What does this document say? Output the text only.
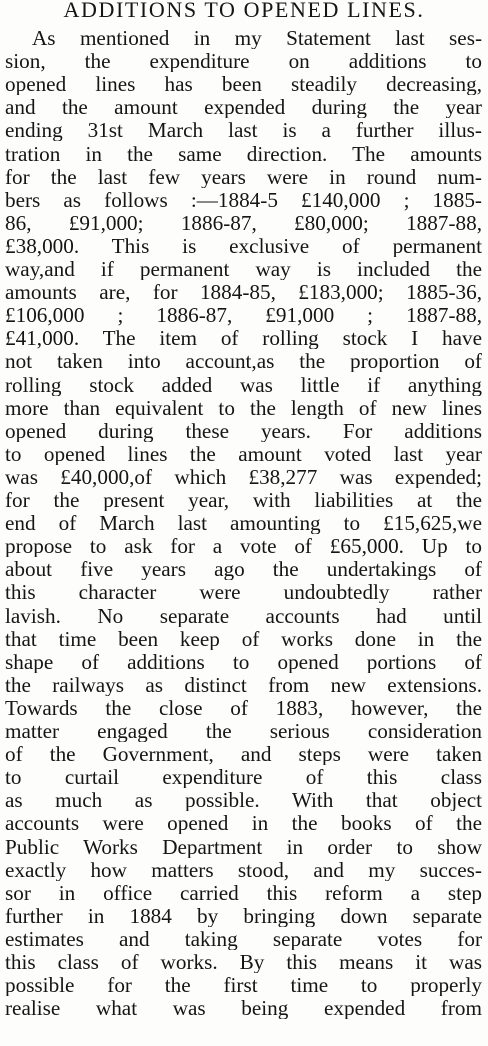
ADDITIONS TO OPENED LINES.
As mentioned in my Statement last ses-
sion, the expenditure on additions to
opened lines has been steadily decreasing,
and the amount expended during the year
ending 31st March last is a further illus-
tration in the same direction. The amounts
for the last few years were in round num-
bers as follows :—1884-5 £140,000 ; 1885-
86, £91,000; 1886-87, £80,000; 1887-88,
£38,000. This is exclusive of permanent
way,and if permanent way is included the
amounts are, for 1884-85, £183,000; 1885-36,
£106,000 ; 1886-87, £91,000 ; 1887-88,
£41,000. The item of rolling stock I have
not taken into account,as the proportion of
rolling stock added was little if anything
more than equivalent to the length of new lines
opened during these years. For additions
to opened lines the amount voted last year
was £40,000,of which £38,277 was expended;
for the present year, with liabilities at the
end of March last amounting to £15,625,we
propose to ask for a vote of £65,000. Up to
about five years ago the undertakings of
this character were undoubtedly rather
lavish. No separate accounts had until
that time been keep of works done in the
shape of additions to opened portions of
the railways as distinct from new extensions.
Towards the close of 1883, however, the
matter engaged the serious consideration
of the Government, and steps were taken
to curtail expenditure of this class
as much as possible. With that object
accounts were opened in the books of the
Public Works Department in order to show
exactly how matters stood, and my succes-
sor in office carried this reform a step
further in 1884 by bringing down separate
estimates and taking separate votes for
this class of works. By this means it was
possible for the first time to properly
realise what was being expended from
